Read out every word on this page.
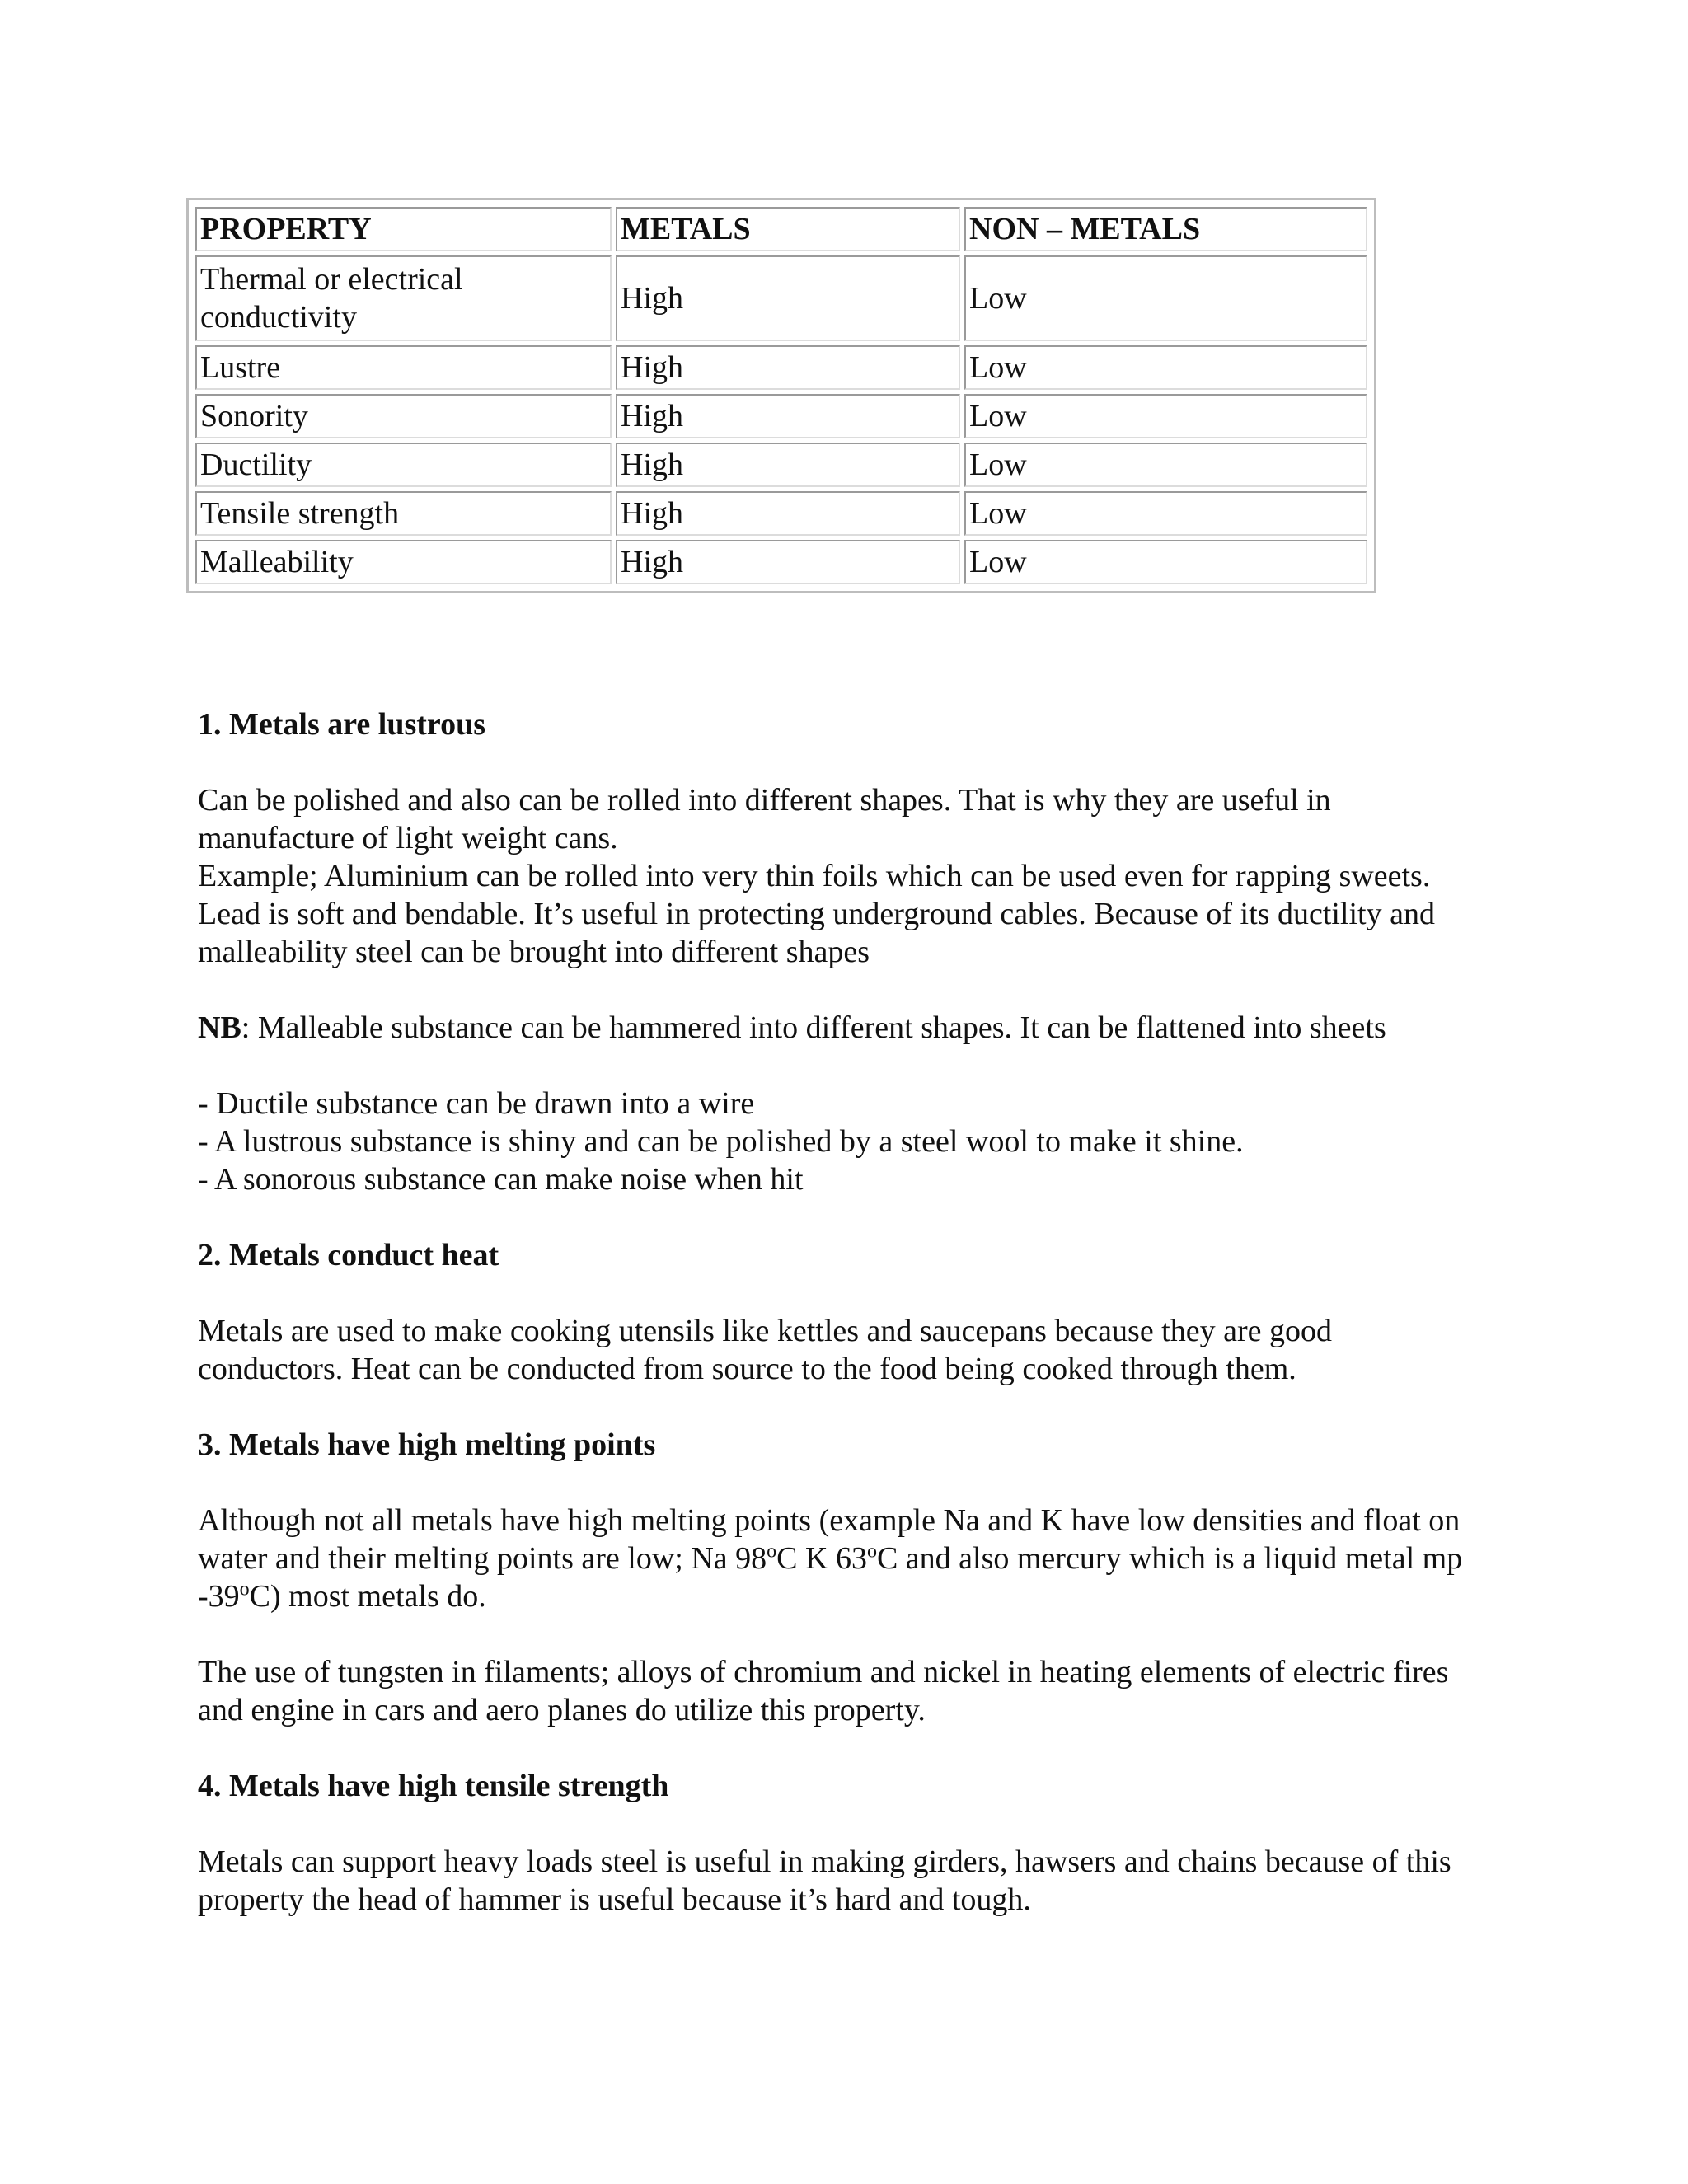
PROPERTY	METALS	NON – METALS
Thermal or electrical conductivity	High	Low
Lustre	High	Low
Sonority	High	Low
Ductility	High	Low
Tensile strength	High	Low
Malleability	High	Low
1. Metals are lustrous
Can be polished and also can be rolled into different shapes. That is why they are useful in manufacture of light weight cans.
Example; Aluminium can be rolled into very thin foils which can be used even for rapping sweets. Lead is soft and bendable. It’s useful in protecting underground cables. Because of its ductility and malleability steel can be brought into different shapes

NB: Malleable substance can be hammered into different shapes. It can be flattened into sheets

- Ductile substance can be drawn into a wire

- A lustrous substance is shiny and can be polished by a steel wool to make it shine.

- A sonorous substance can make noise when hit

2. Metals conduct heat

Metals are used to make cooking utensils like kettles and saucepans because they are good conductors. Heat can be conducted from source to the food being cooked through them.

3. Metals have high melting points

Although not all metals have high melting points (example Na and K have low densities and float on water and their melting points are low; Na 98$^o$C K 63$^o$C and also mercury which is a liquid metal mp -39$^o$C) most metals do.

The use of tungsten in filaments; alloys of chromium and nickel in heating elements of electric fires and engine in cars and aero planes do utilize this property.

4. Metals have high tensile strength

Metals can support heavy loads steel is useful in making girders, hawsers and chains because of this property the head of hammer is useful because it’s hard and tough.
